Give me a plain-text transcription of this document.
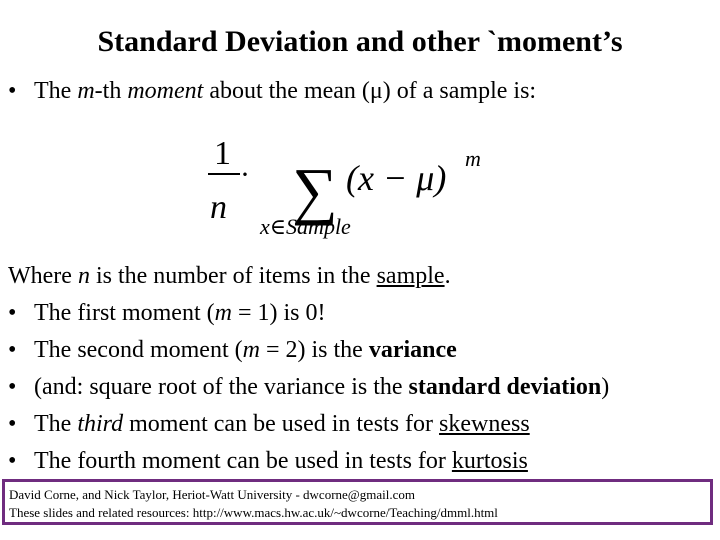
Standard Deviation and other `moment’s
• The m-th moment about the mean (μ) of a sample is:
1
n
· ∑ (x − μ) m
x∈Sample
Where n is the number of items in the sample.
• The first moment (m = 1) is 0!
• The second moment (m = 2) is the variance
• (and: square root of the variance is the standard deviation)
• The third moment can be used in tests for skewness
• The fourth moment can be used in tests for kurtosis
David Corne, and Nick Taylor, Heriot-Watt University - dwcorne@gmail.com
These slides and related resources: http://www.macs.hw.ac.uk/~dwcorne/Teaching/dmml.html
